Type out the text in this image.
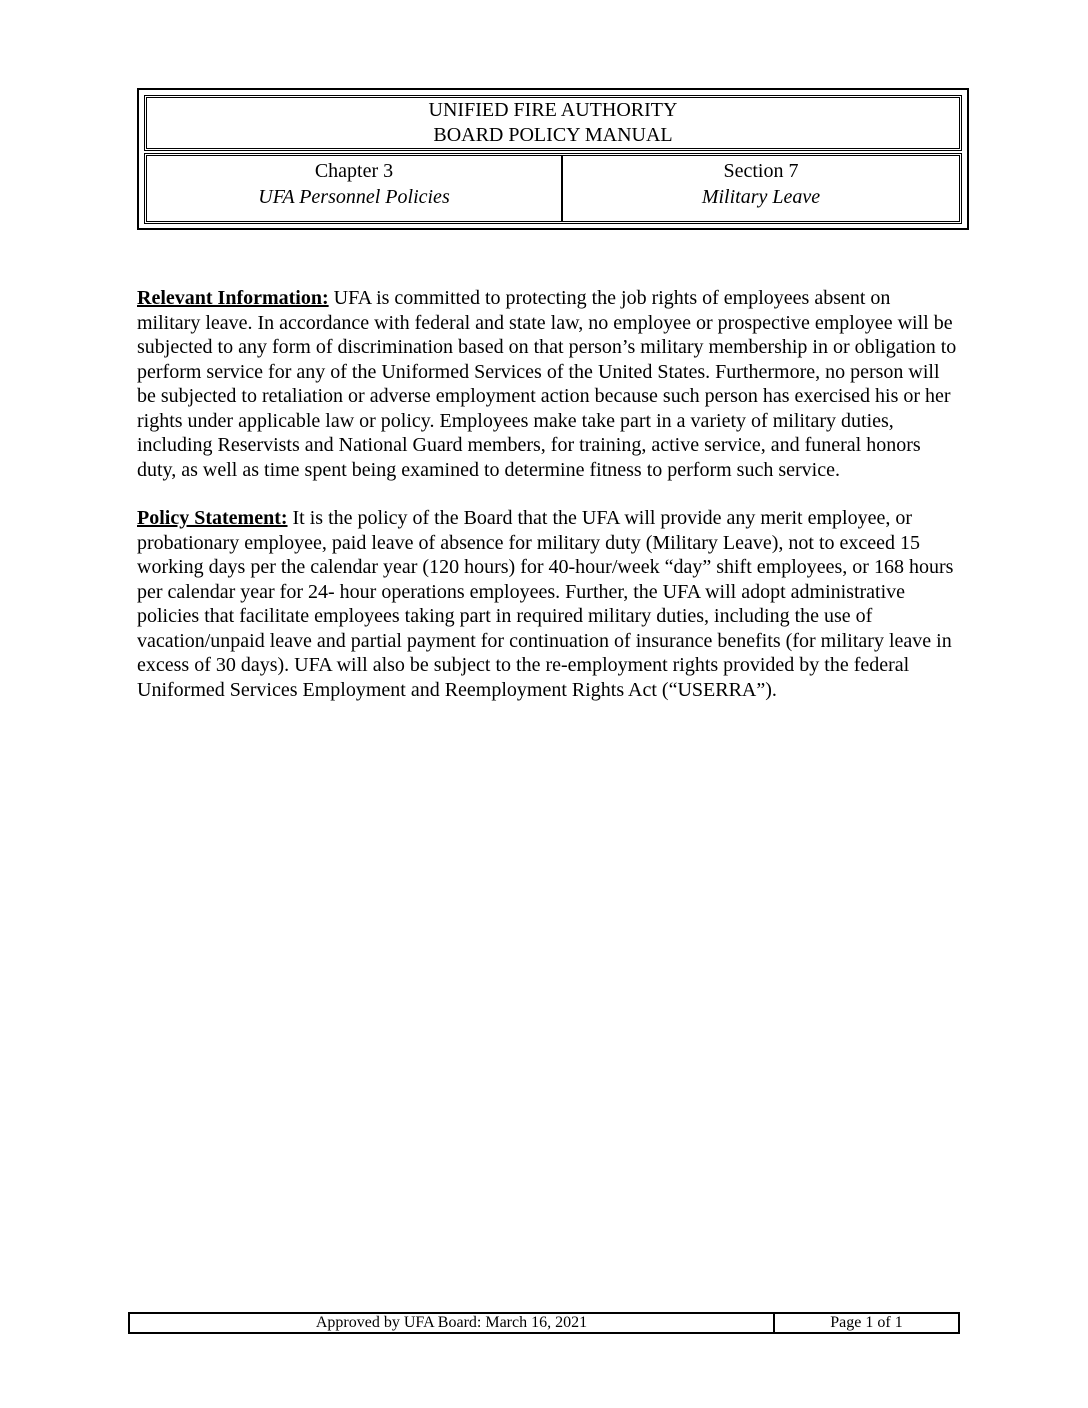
UNIFIED FIRE AUTHORITY
BOARD POLICY MANUAL
Chapter 3
UFA Personnel Policies
Section 7
Military Leave

Relevant Information: UFA is committed to protecting the job rights of employees absent on military leave. In accordance with federal and state law, no employee or prospective employee will be subjected to any form of discrimination based on that person’s military membership in or obligation to perform service for any of the Uniformed Services of the United States. Furthermore, no person will be subjected to retaliation or adverse employment action because such person has exercised his or her rights under applicable law or policy. Employees make take part in a variety of military duties, including Reservists and National Guard members, for training, active service, and funeral honors duty, as well as time spent being examined to determine fitness to perform such service.

Policy Statement: It is the policy of the Board that the UFA will provide any merit employee, or probationary employee, paid leave of absence for military duty (Military Leave), not to exceed 15 working days per the calendar year (120 hours) for 40-hour/week “day” shift employees, or 168 hours per calendar year for 24- hour operations employees. Further, the UFA will adopt administrative policies that facilitate employees taking part in required military duties, including the use of vacation/unpaid leave and partial payment for continuation of insurance benefits (for military leave in excess of 30 days). UFA will also be subject to the re-employment rights provided by the federal Uniformed Services Employment and Reemployment Rights Act (“USERRA”).

Approved by UFA Board: March 16, 2021	Page 1 of 1
